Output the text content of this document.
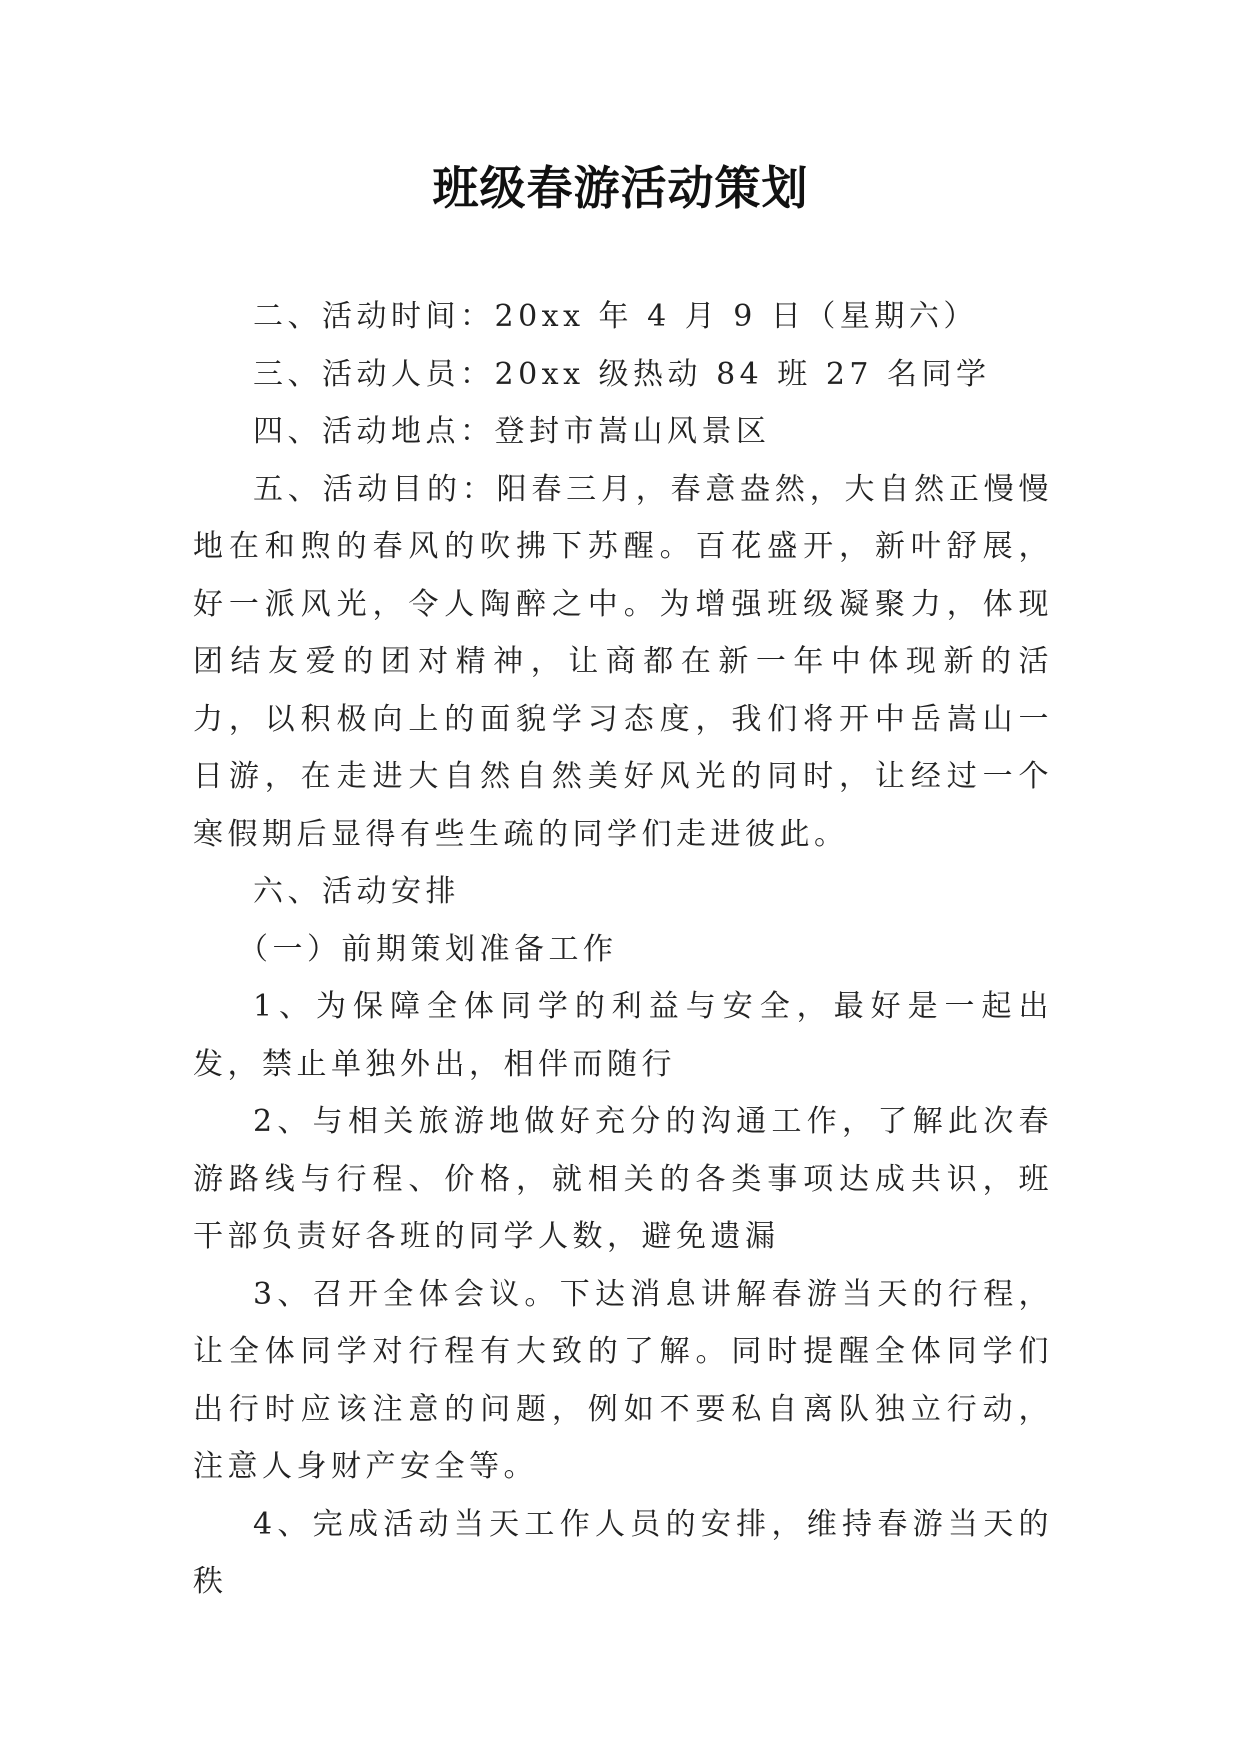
班级春游活动策划

二、活动时间：20xx 年 4 月 9 日（星期六）

三、活动人员：20xx 级热动 84 班 27 名同学

四、活动地点：登封市嵩山风景区

五、活动目的：阳春三月，春意盎然，大自然正慢慢地在和煦的春风的吹拂下苏醒。百花盛开，新叶舒展，好一派风光，令人陶醉之中。为增强班级凝聚力，体现团结友爱的团对精神，让商都在新一年中体现新的活力，以积极向上的面貌学习态度，我们将开中岳嵩山一日游，在走进大自然自然美好风光的同时，让经过一个寒假期后显得有些生疏的同学们走进彼此。

六、活动安排

（一）前期策划准备工作

1、为保障全体同学的利益与安全，最好是一起出发，禁止单独外出，相伴而随行

2、与相关旅游地做好充分的沟通工作，了解此次春游路线与行程、价格，就相关的各类事项达成共识，班干部负责好各班的同学人数，避免遗漏

3、召开全体会议。下达消息讲解春游当天的行程，让全体同学对行程有大致的了解。同时提醒全体同学们出行时应该注意的问题，例如不要私自离队独立行动，注意人身财产安全等。

4、完成活动当天工作人员的安排，维持春游当天的秩
